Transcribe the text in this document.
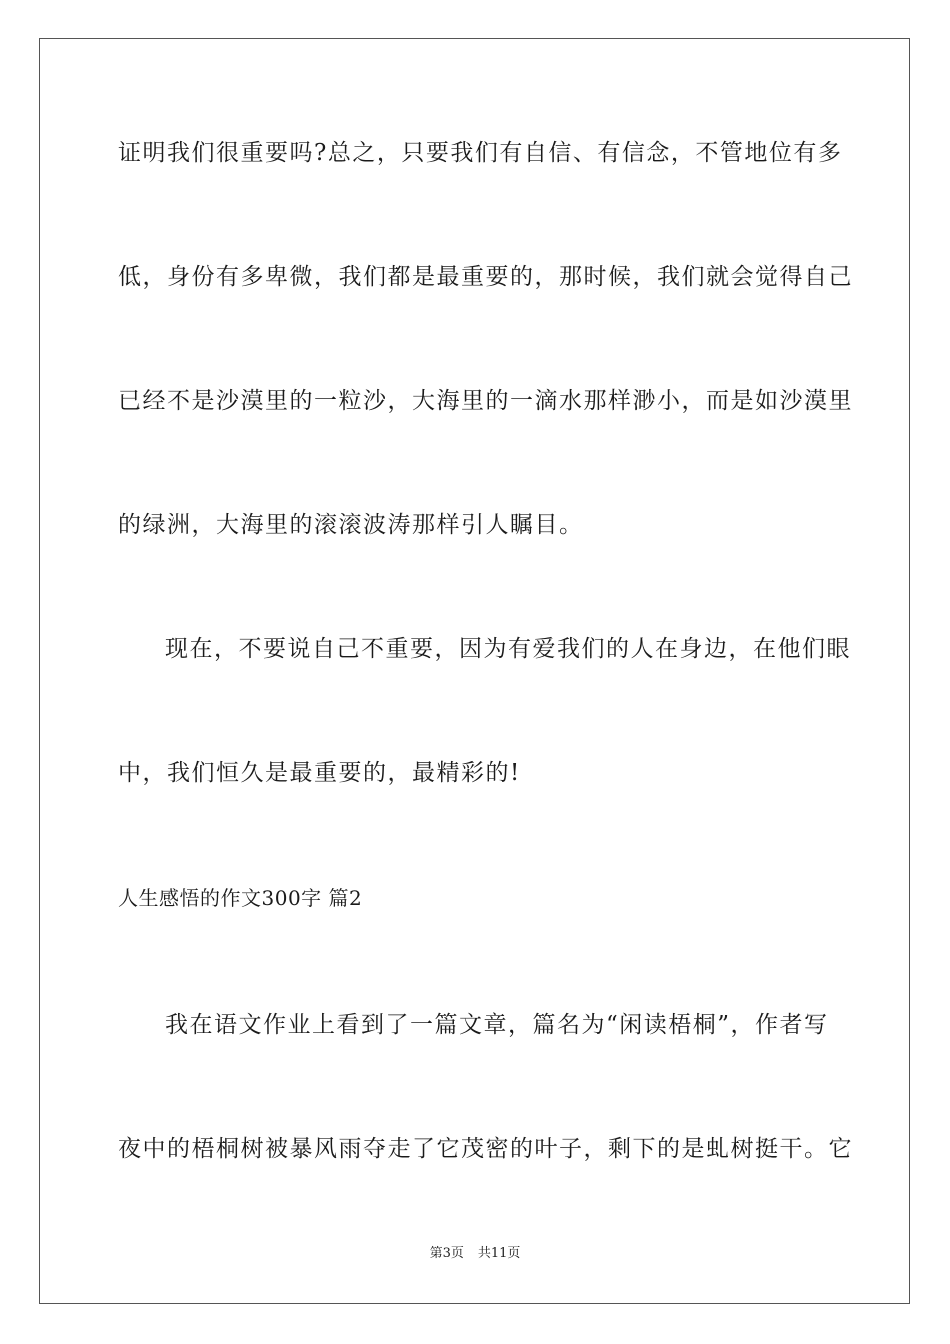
证明我们很重要吗?总之，只要我们有自信、有信念，不管地位有多
低，身份有多卑微，我们都是最重要的，那时候，我们就会觉得自己
已经不是沙漠里的一粒沙，大海里的一滴水那样渺小，而是如沙漠里
的绿洲，大海里的滚滚波涛那样引人瞩目。
现在，不要说自己不重要，因为有爱我们的人在身边，在他们眼
中，我们恒久是最重要的，最精彩的!
人生感悟的作文300字 篇2
我在语文作业上看到了一篇文章，篇名为“闲读梧桐”，作者写
夜中的梧桐树被暴风雨夺走了它茂密的叶子，剩下的是虬树挺干。它
第3页 共11页
